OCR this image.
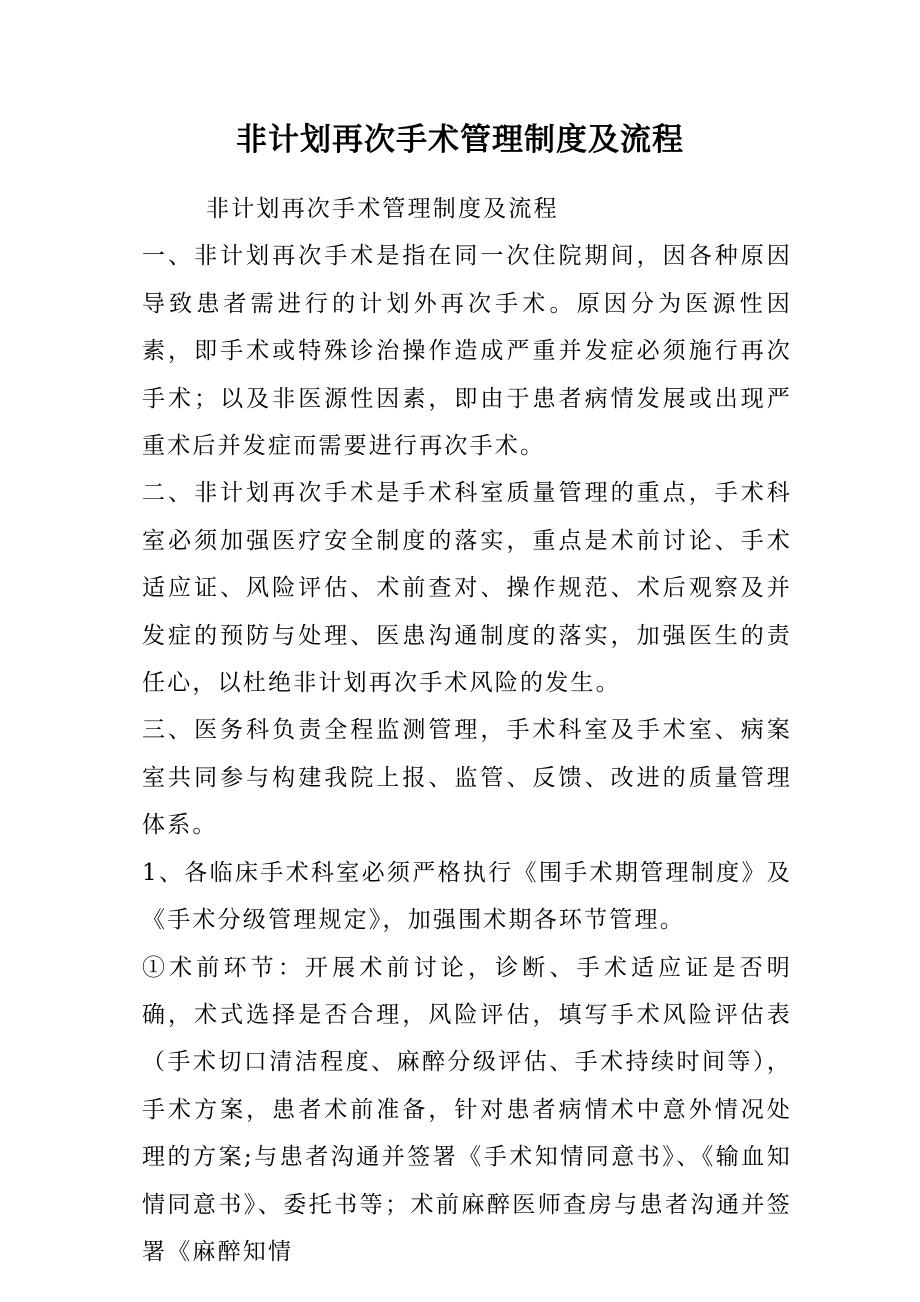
非计划再次手术管理制度及流程

非计划再次手术管理制度及流程

一、非计划再次手术是指在同一次住院期间，因各种原因导致患者需进行的计划外再次手术。原因分为医源性因素，即手术或特殊诊治操作造成严重并发症必须施行再次手术；以及非医源性因素，即由于患者病情发展或出现严重术后并发症而需要进行再次手术。

二、非计划再次手术是手术科室质量管理的重点，手术科室必须加强医疗安全制度的落实，重点是术前讨论、手术适应证、风险评估、术前查对、操作规范、术后观察及并发症的预防与处理、医患沟通制度的落实，加强医生的责任心，以杜绝非计划再次手术风险的发生。

三、医务科负责全程监测管理，手术科室及手术室、病案室共同参与构建我院上报、监管、反馈、改进的质量管理体系。

1、各临床手术科室必须严格执行《围手术期管理制度》及《手术分级管理规定》，加强围术期各环节管理。

①术前环节：开展术前讨论，诊断、手术适应证是否明确，术式选择是否合理，风险评估，填写手术风险评估表（手术切口清洁程度、麻醉分级评估、手术持续时间等），手术方案，患者术前准备，针对患者病情术中意外情况处理的方案;与患者沟通并签署《手术知情同意书》、《输血知情同意书》、委托书等；术前麻醉医师查房与患者沟通并签署《麻醉知情
